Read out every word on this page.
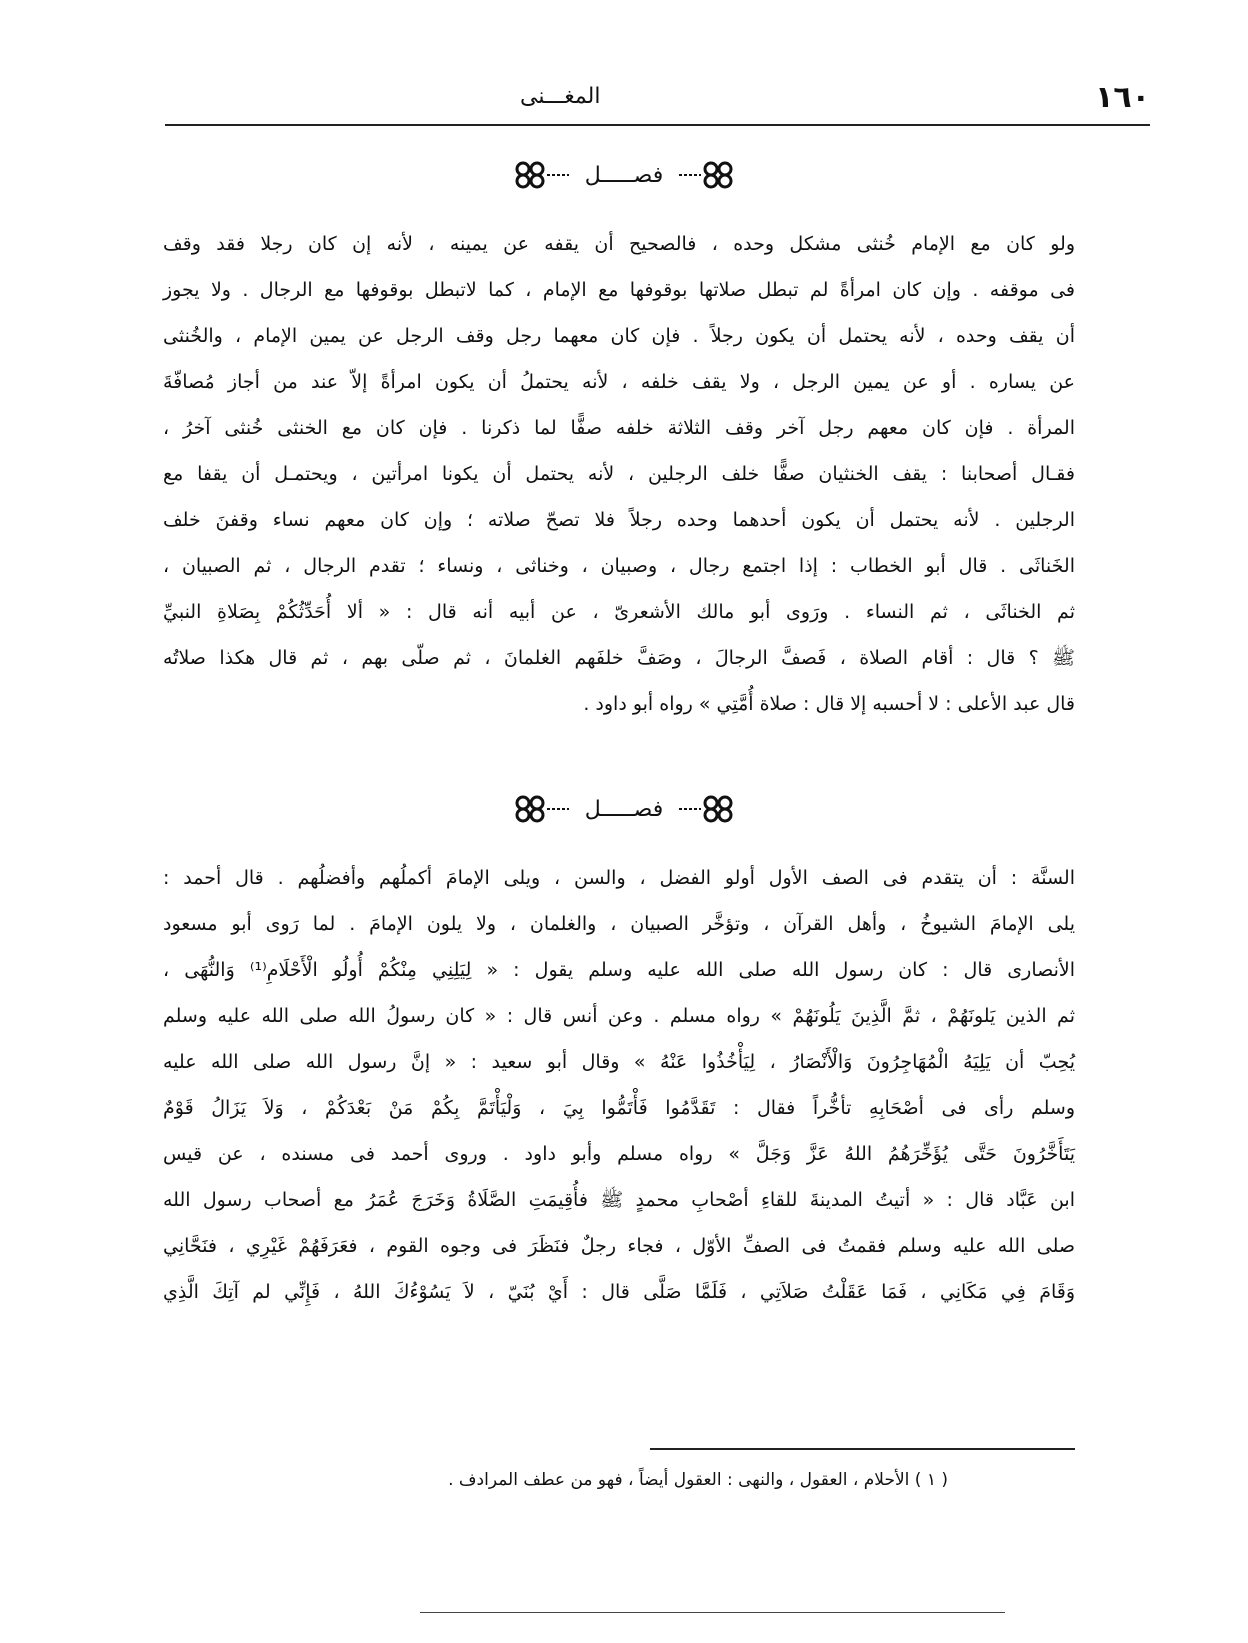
١٦٠
المغـــنى
فصـــــل
ولو كان مع الإمام خُنثى مشكل وحده ، فالصحيح أن يقفه عن يمينه ، لأنه إن كان رجلا فقد وقف
فى موقفه . وإن كان امرأةً لم تبطل صلاتها بوقوفها مع الإمام ، كما لاتبطل بوقوفها مع الرجال . ولا يجوز
أن يقف وحده ، لأنه يحتمل أن يكون رجلاً . فإن كان معهما رجل وقف الرجل عن يمين الإمام ، والخُنثى
عن يساره . أو عن يمين الرجل ، ولا يقف خلفه ، لأنه يحتملُ أن يكون امرأةً إلاّ عند من أجاز مُصافّةَ
المرأة . فإن كان معهم رجل آخر وقف الثلاثة خلفه صفًّا لما ذكرنا . فإن كان مع الخنثى خُنثى آخرُ ،
فقـال أصحابنا : يقف الخنثيان صفًّا خلف الرجلين ، لأنه يحتمل أن يكونا امرأتين ، ويحتمـل أن يقفا مع
الرجلين . لأنه يحتمل أن يكون أحدهما وحده رجلاً فلا تصحّ صلاته ؛ وإن كان معهم نساء وقفنَ خلف
الخَناثَى . قال أبو الخطاب : إذا اجتمع رجال ، وصبيان ، وخناثى ، ونساء ؛ تقدم الرجال ، ثم الصبيان ،
ثم الخناثَى ، ثم النساء . ورَوى أبو مالك الأشعرىّ ، عن أبيه أنه قال : « ألا أُحَدِّثُكُمْ بِصَلاةِ النبيِّ
ﷺ ؟ قال : أقام الصلاة ، فَصفَّ الرجالَ ، وصَفَّ خلفَهم الغلمانَ ، ثم صلّى بهم ، ثم قال هكذا صلاتُه
قال عبد الأعلى : لا أحسبه إلا قال : صلاة أُمَّتِي » رواه أبو داود .
فصـــــل
السنَّة : أن يتقدم فى الصف الأول أولو الفضل ، والسن ، ويلى الإمامَ أكملُهم وأفضلُهم . قال أحمد :
يلى الإمامَ الشيوخُ ، وأهل القرآن ، وتؤخَّر الصبيان ، والغلمان ، ولا يلون الإمامَ . لما رَوى أبو مسعود
الأنصارى قال : كان رسول الله صلى الله عليه وسلم يقول : « لِيَلِنِي مِنْكُمْ أُولُو الْأَحْلَامِ⁽¹⁾ وَالنُّهَى ،
ثم الذين يَلونَهُمْ ، ثمَّ الَّذِينَ يَلُونَهُمْ » رواه مسلم . وعن أنس قال : « كان رسولُ الله صلى الله عليه وسلم
يُحِبّ أن يَلِيَهُ الْمُهَاجِرُونَ وَالْأَنْصَارُ ، لِيَأْخُذُوا عَنْهُ » وقال أبو سعيد : « إنَّ رسول الله صلى الله عليه
وسلم رأى فى أصْحَابِهِ تأخُّراً فقال : تَقَدَّمُوا فَأْتَمُّوا بِيَ ، وَلْيَأْتَمَّ بِكُمْ مَنْ بَعْدَكُمْ ، وَلاَ يَزَالُ قَوْمٌ
يَتَأَخَّرُونَ حَتَّى يُؤَخِّرَهُمُ اللهُ عَزَّ وَجَلَّ » رواه مسلم وأبو داود . وروى أحمد فى مسنده ، عن قيس
ابن عَبَّاد قال : « أتيتُ المدينةَ للقاءِ أصْحابِ محمدٍ ﷺ فأُقِيمَتِ الصَّلَاةُ وَخَرَجَ عُمَرُ مع أصحاب رسول الله
صلى الله عليه وسلم فقمتُ فى الصفِّ الأوّل ، فجاء رجلٌ فنَظَرَ فى وجوه القوم ، فعَرَفَهُمْ غَيْرِي ، فنَحَّانِي
وَقَامَ فِي مَكَانِي ، فَمَا عَقَلْتُ صَلاَتِي ، فَلَمَّا صَلَّى قال : أَيْ بُنَيّ ، لاَ يَسُوْءُكَ اللهُ ، فَإِنِّي لم آتِكَ الَّذِي
( ١ ) الأحلام ، العقول ، والنهى : العقول أيضاً ، فهو من عطف المرادف .
